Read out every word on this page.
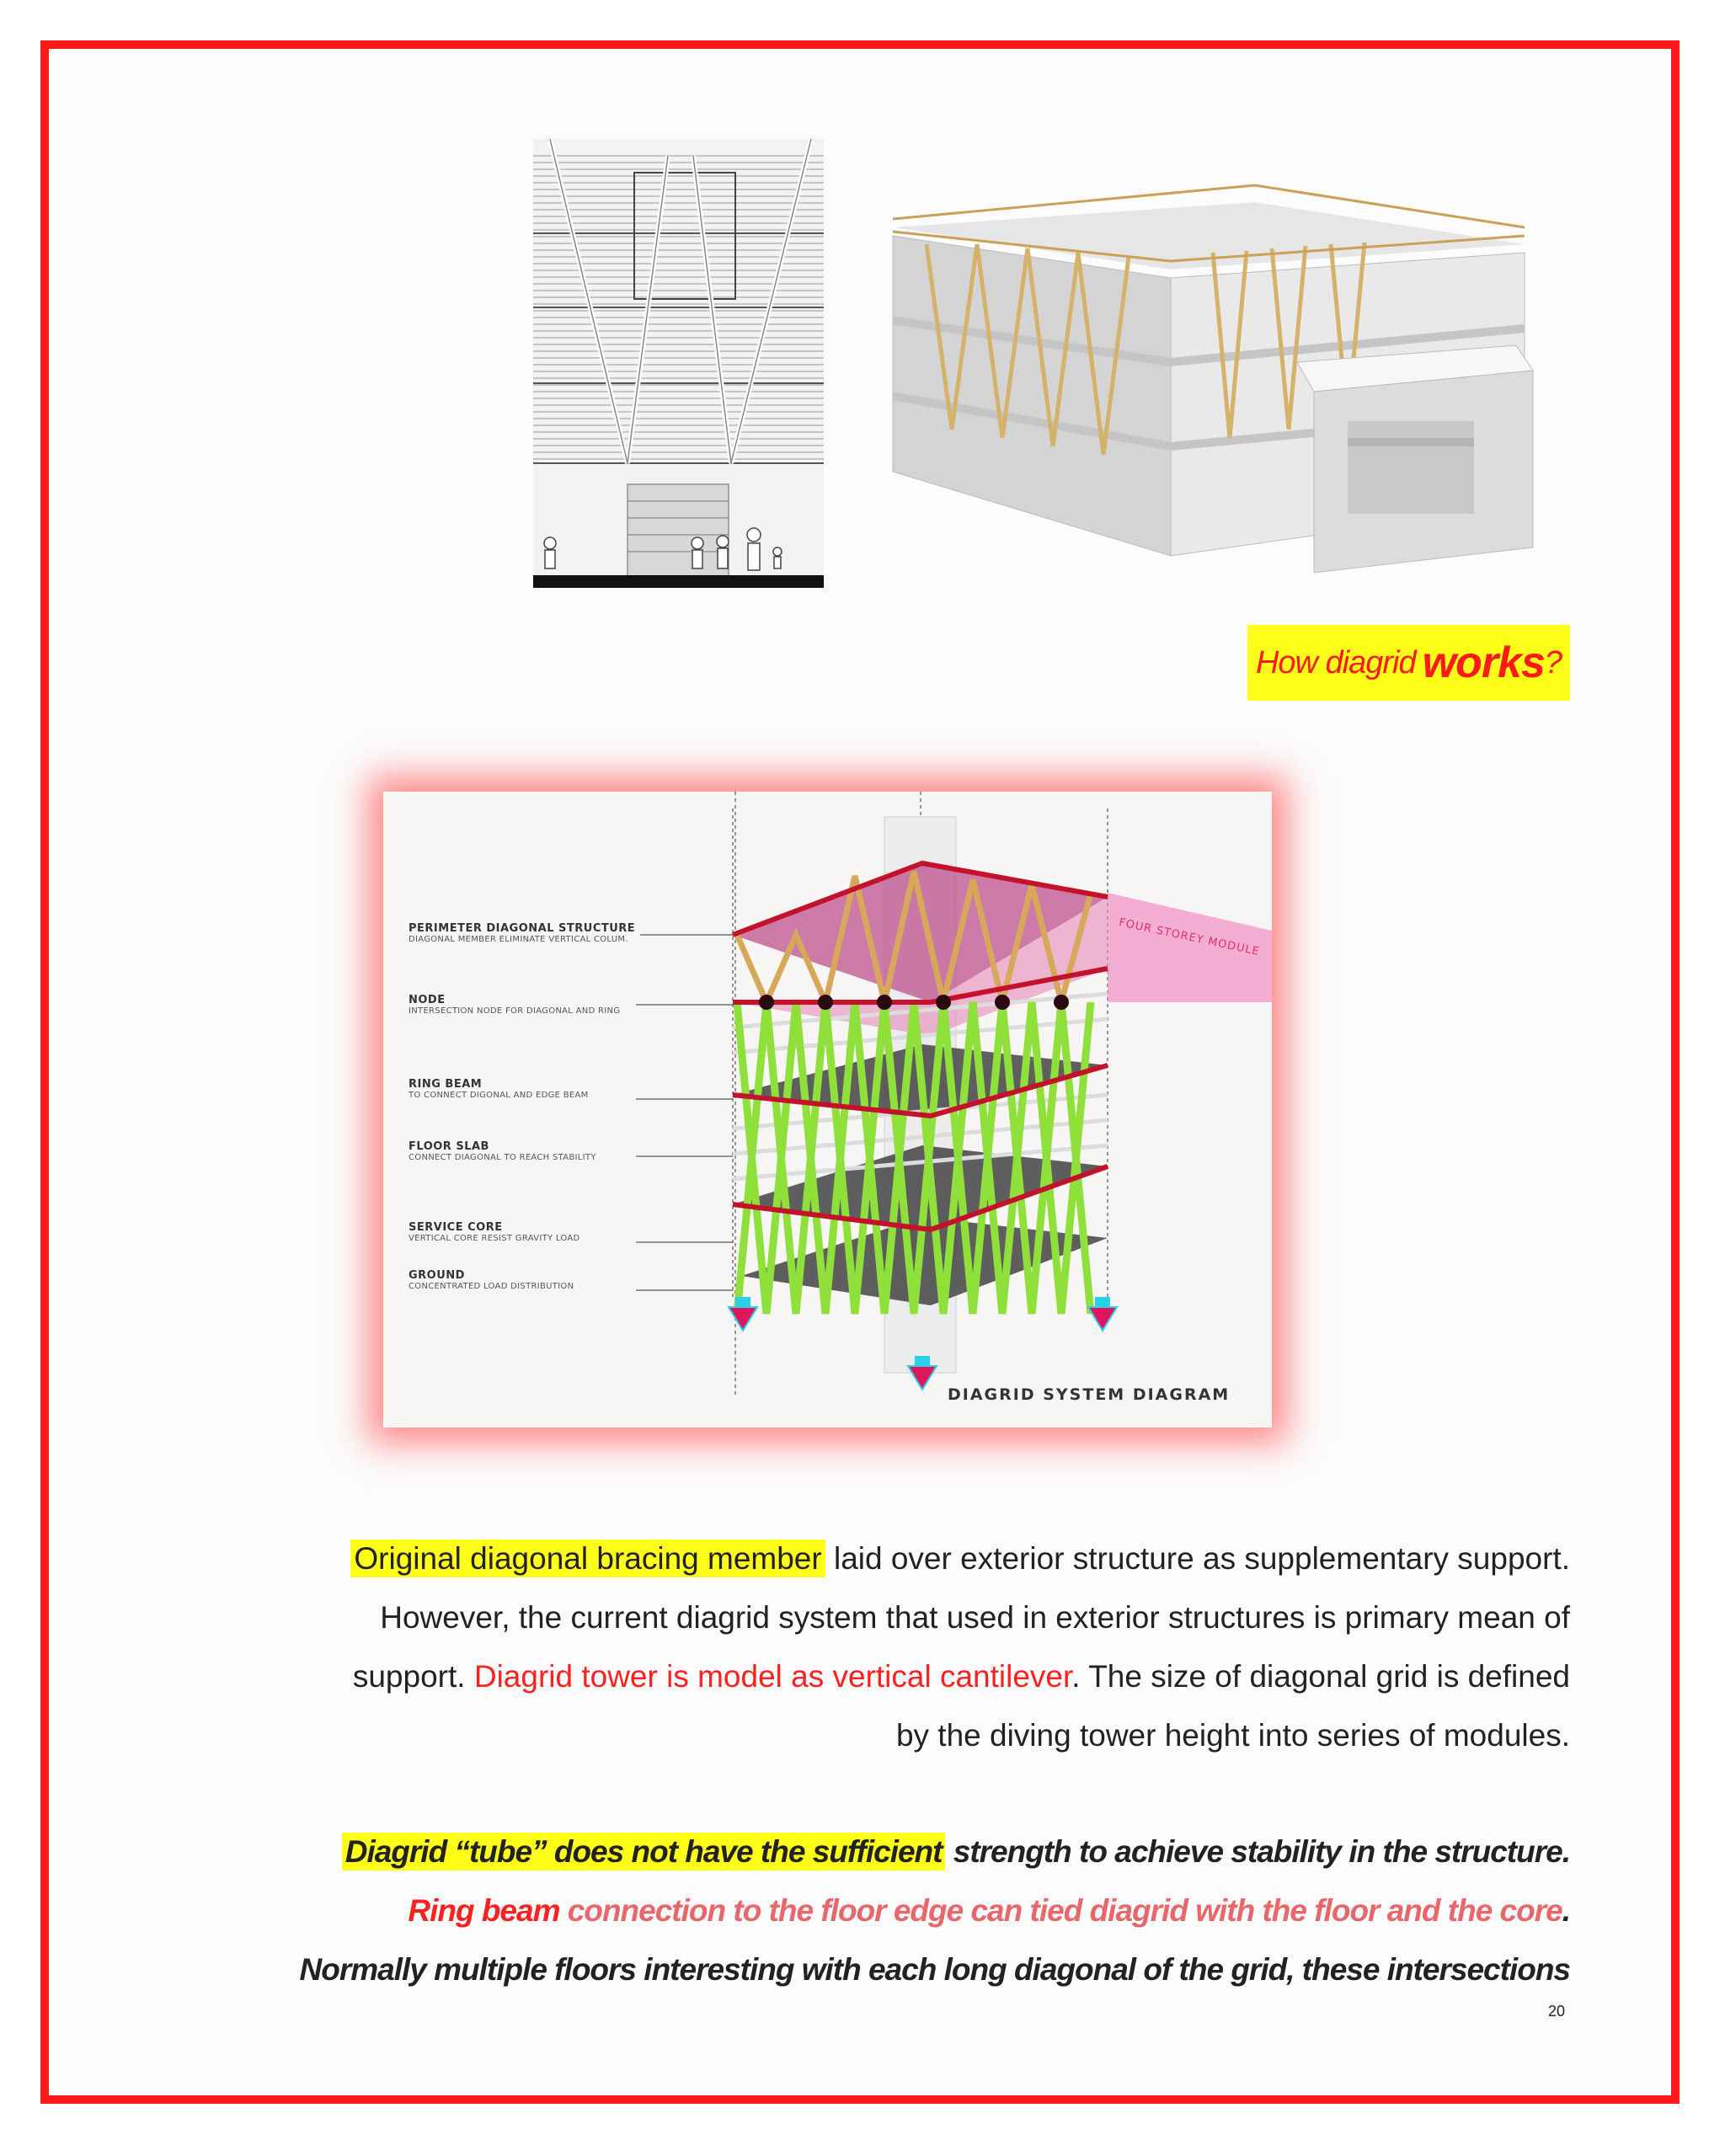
How diagrid works ?
FOUR STOREY MODULE
PERIMETER DIAGONAL STRUCTURE
DIAGONAL MEMBER ELIMINATE VERTICAL COLUM.
NODE
INTERSECTION NODE FOR DIAGONAL AND RING
RING BEAM
TO CONNECT DIGONAL AND EDGE BEAM
FLOOR SLAB
CONNECT DIAGONAL TO REACH STABILITY
SERVICE CORE
VERTICAL CORE RESIST GRAVITY LOAD
GROUND
CONCENTRATED LOAD DISTRIBUTION
DIAGRID SYSTEM DIAGRAM
Original diagonal bracing member laid over exterior structure as supplementary support.
However, the current diagrid system that used in exterior structures is primary mean of
support. Diagrid tower is model as vertical cantilever. The size of diagonal grid is defined
by the diving tower height into series of modules.
Diagrid “tube” does not have the sufficient strength to achieve stability in the structure.
Ring beam connection to the floor edge can tied diagrid with the floor and the core.
Normally multiple floors interesting with each long diagonal of the grid, these intersections
20
